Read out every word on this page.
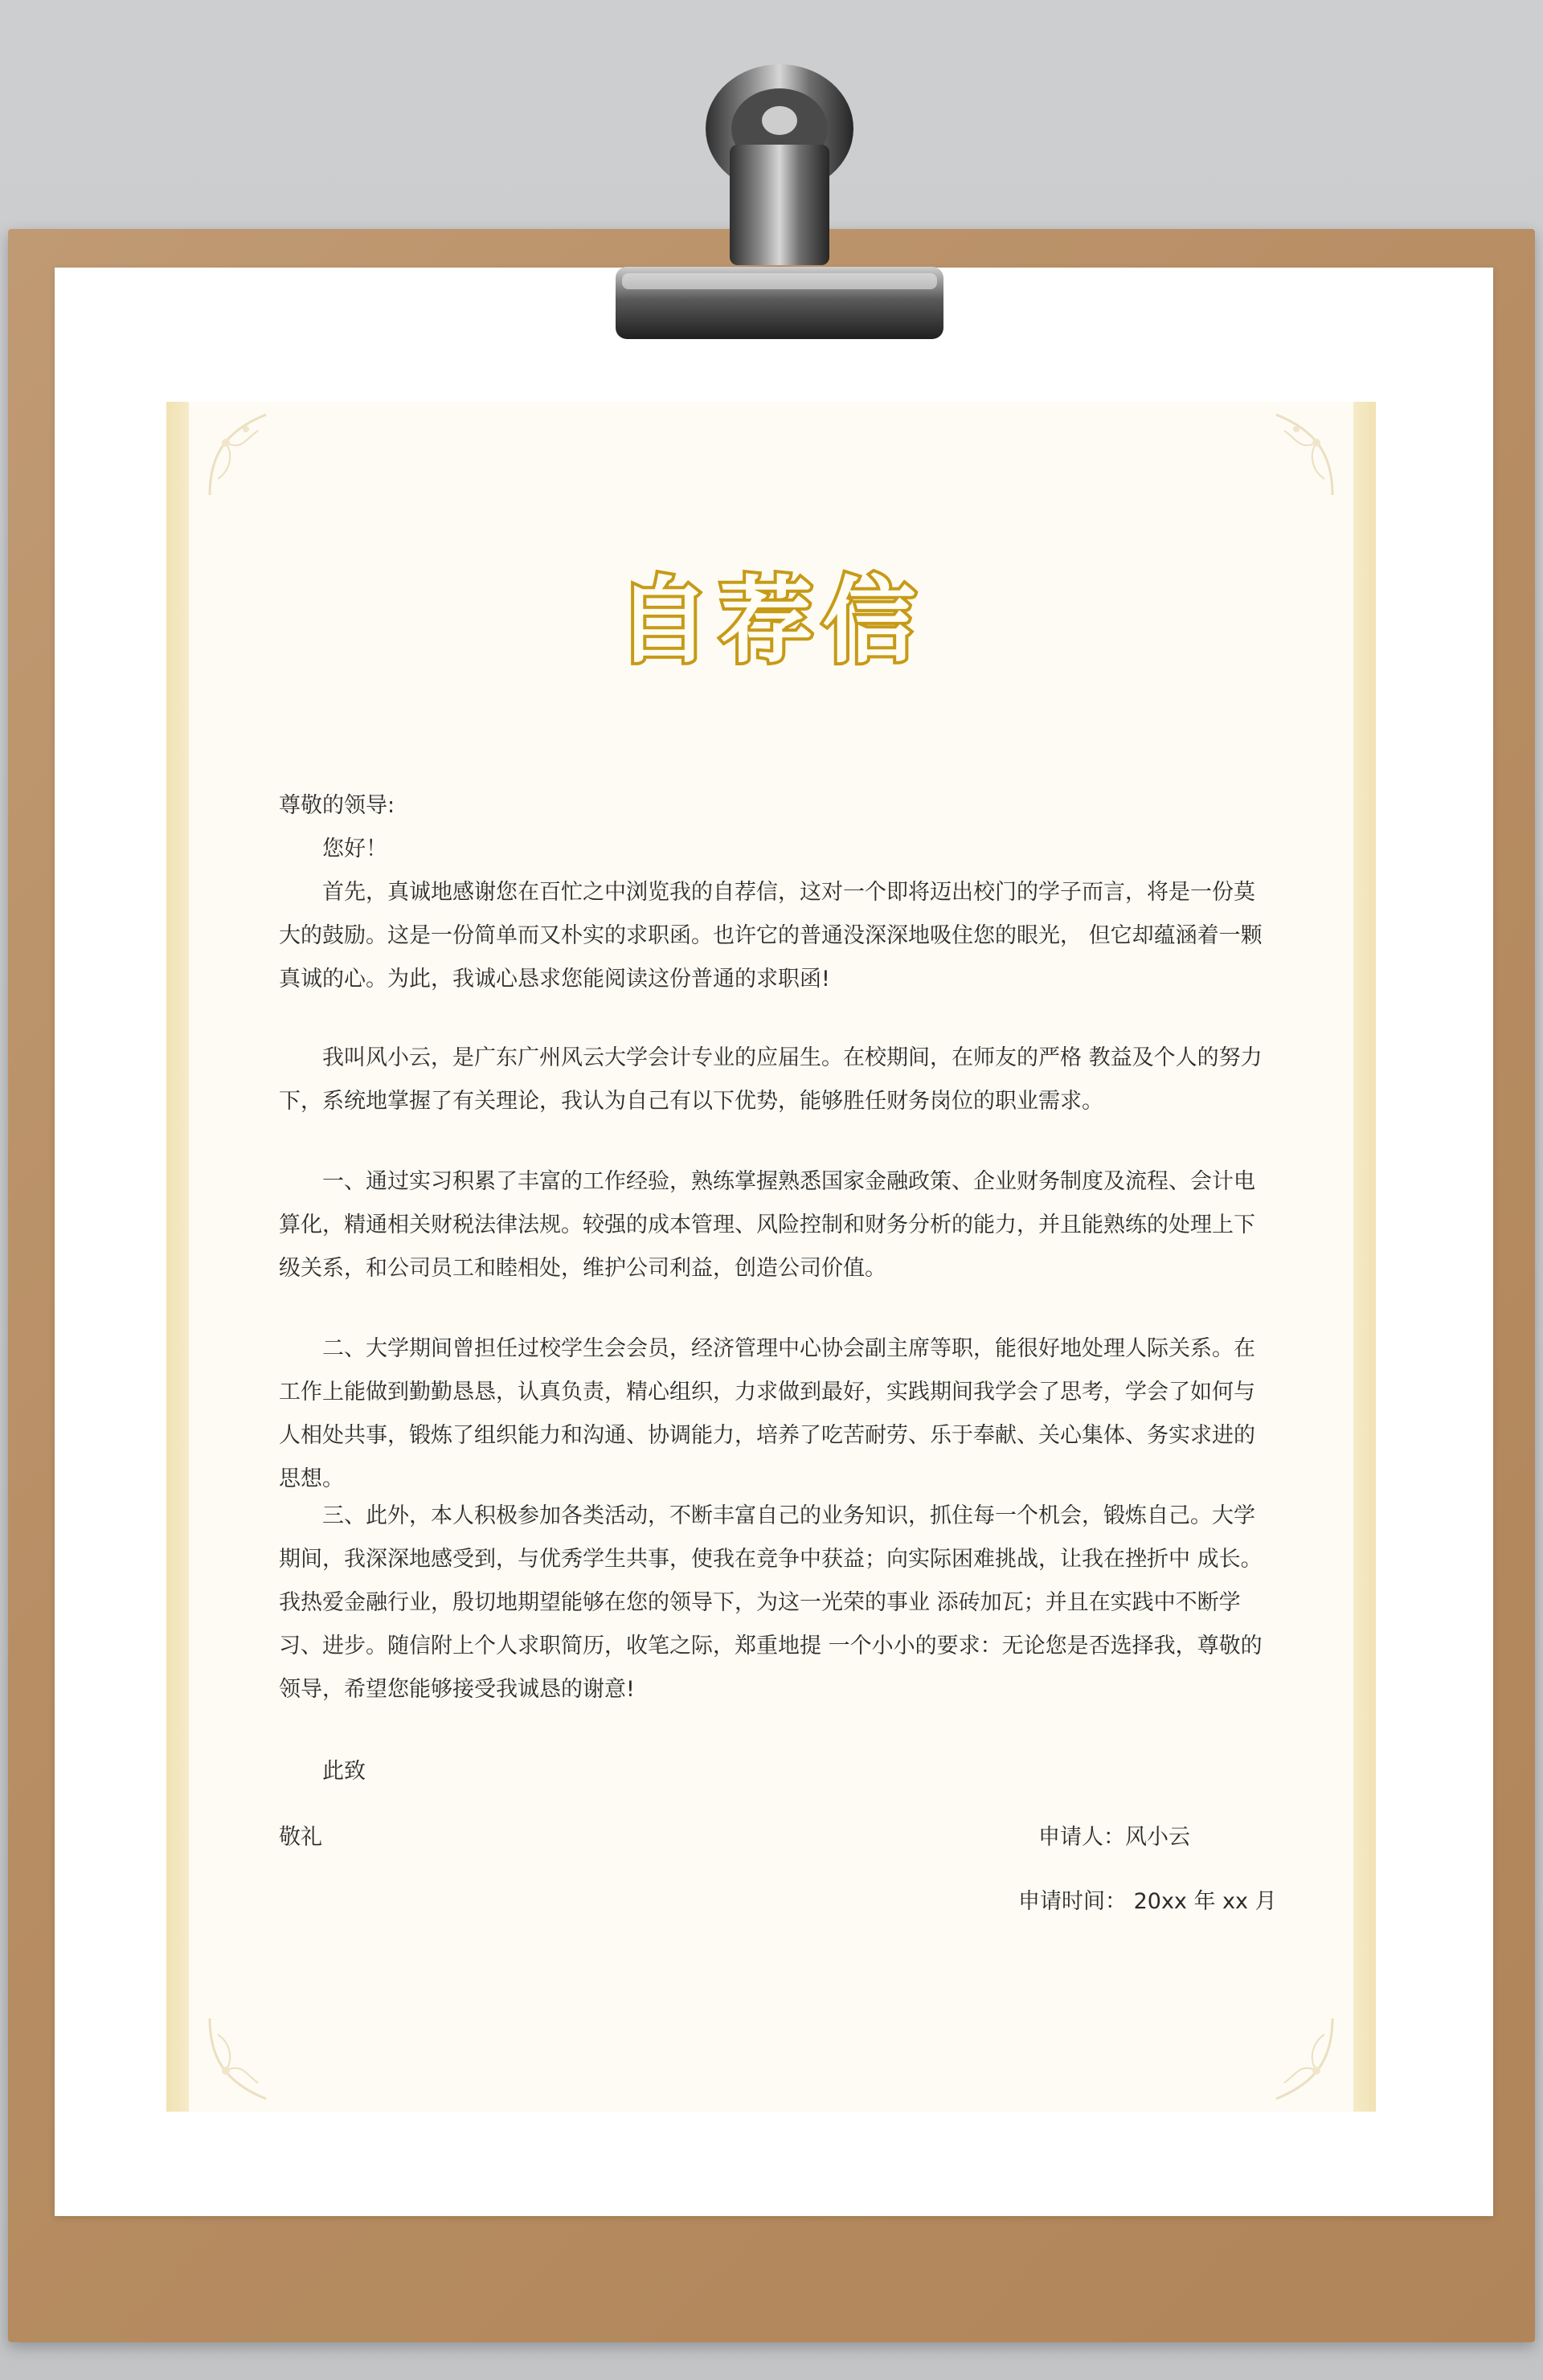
自荐信

尊敬的领导:

您好！

首先，真诚地感谢您在百忙之中浏览我的自荐信，这对一个即将迈出校门的学子而言，将是一份莫大的鼓励。这是一份简单而又朴实的求职函。也许它的普通没深深地吸住您的眼光， 但它却蕴涵着一颗真诚的心。为此，我诚心恳求您能阅读这份普通的求职函!

我叫风小云，是广东广州风云大学会计专业的应届生。在校期间，在师友的严格 教益及个人的努力下，系统地掌握了有关理论，我认为自己有以下优势，能够胜任财务岗位的职业需求。

一、通过实习积累了丰富的工作经验，熟练掌握熟悉国家金融政策、企业财务制度及流程、会计电算化，精通相关财税法律法规。较强的成本管理、风险控制和财务分析的能力，并且能熟练的处理上下级关系，和公司员工和睦相处，维护公司利益，创造公司价值。

二、大学期间曾担任过校学生会会员，经济管理中心协会副主席等职，能很好地处理人际关系。在工作上能做到勤勤恳恳，认真负责，精心组织，力求做到最好，实践期间我学会了思考，学会了如何与人相处共事，锻炼了组织能力和沟通、协调能力，培养了吃苦耐劳、乐于奉献、关心集体、务实求进的思想。

三、此外，本人积极参加各类活动，不断丰富自己的业务知识，抓住每一个机会，锻炼自己。大学期间，我深深地感受到，与优秀学生共事，使我在竞争中获益；向实际困难挑战，让我在挫折中 成长。我热爱金融行业，殷切地期望能够在您的领导下，为这一光荣的事业 添砖加瓦；并且在实践中不断学习、进步。随信附上个人求职简历，收笔之际，郑重地提 一个小小的要求：无论您是否选择我，尊敬的领导，希望您能够接受我诚恳的谢意!

此致
敬礼	申请人：风小云
申请时间： 20xx 年 xx 月
